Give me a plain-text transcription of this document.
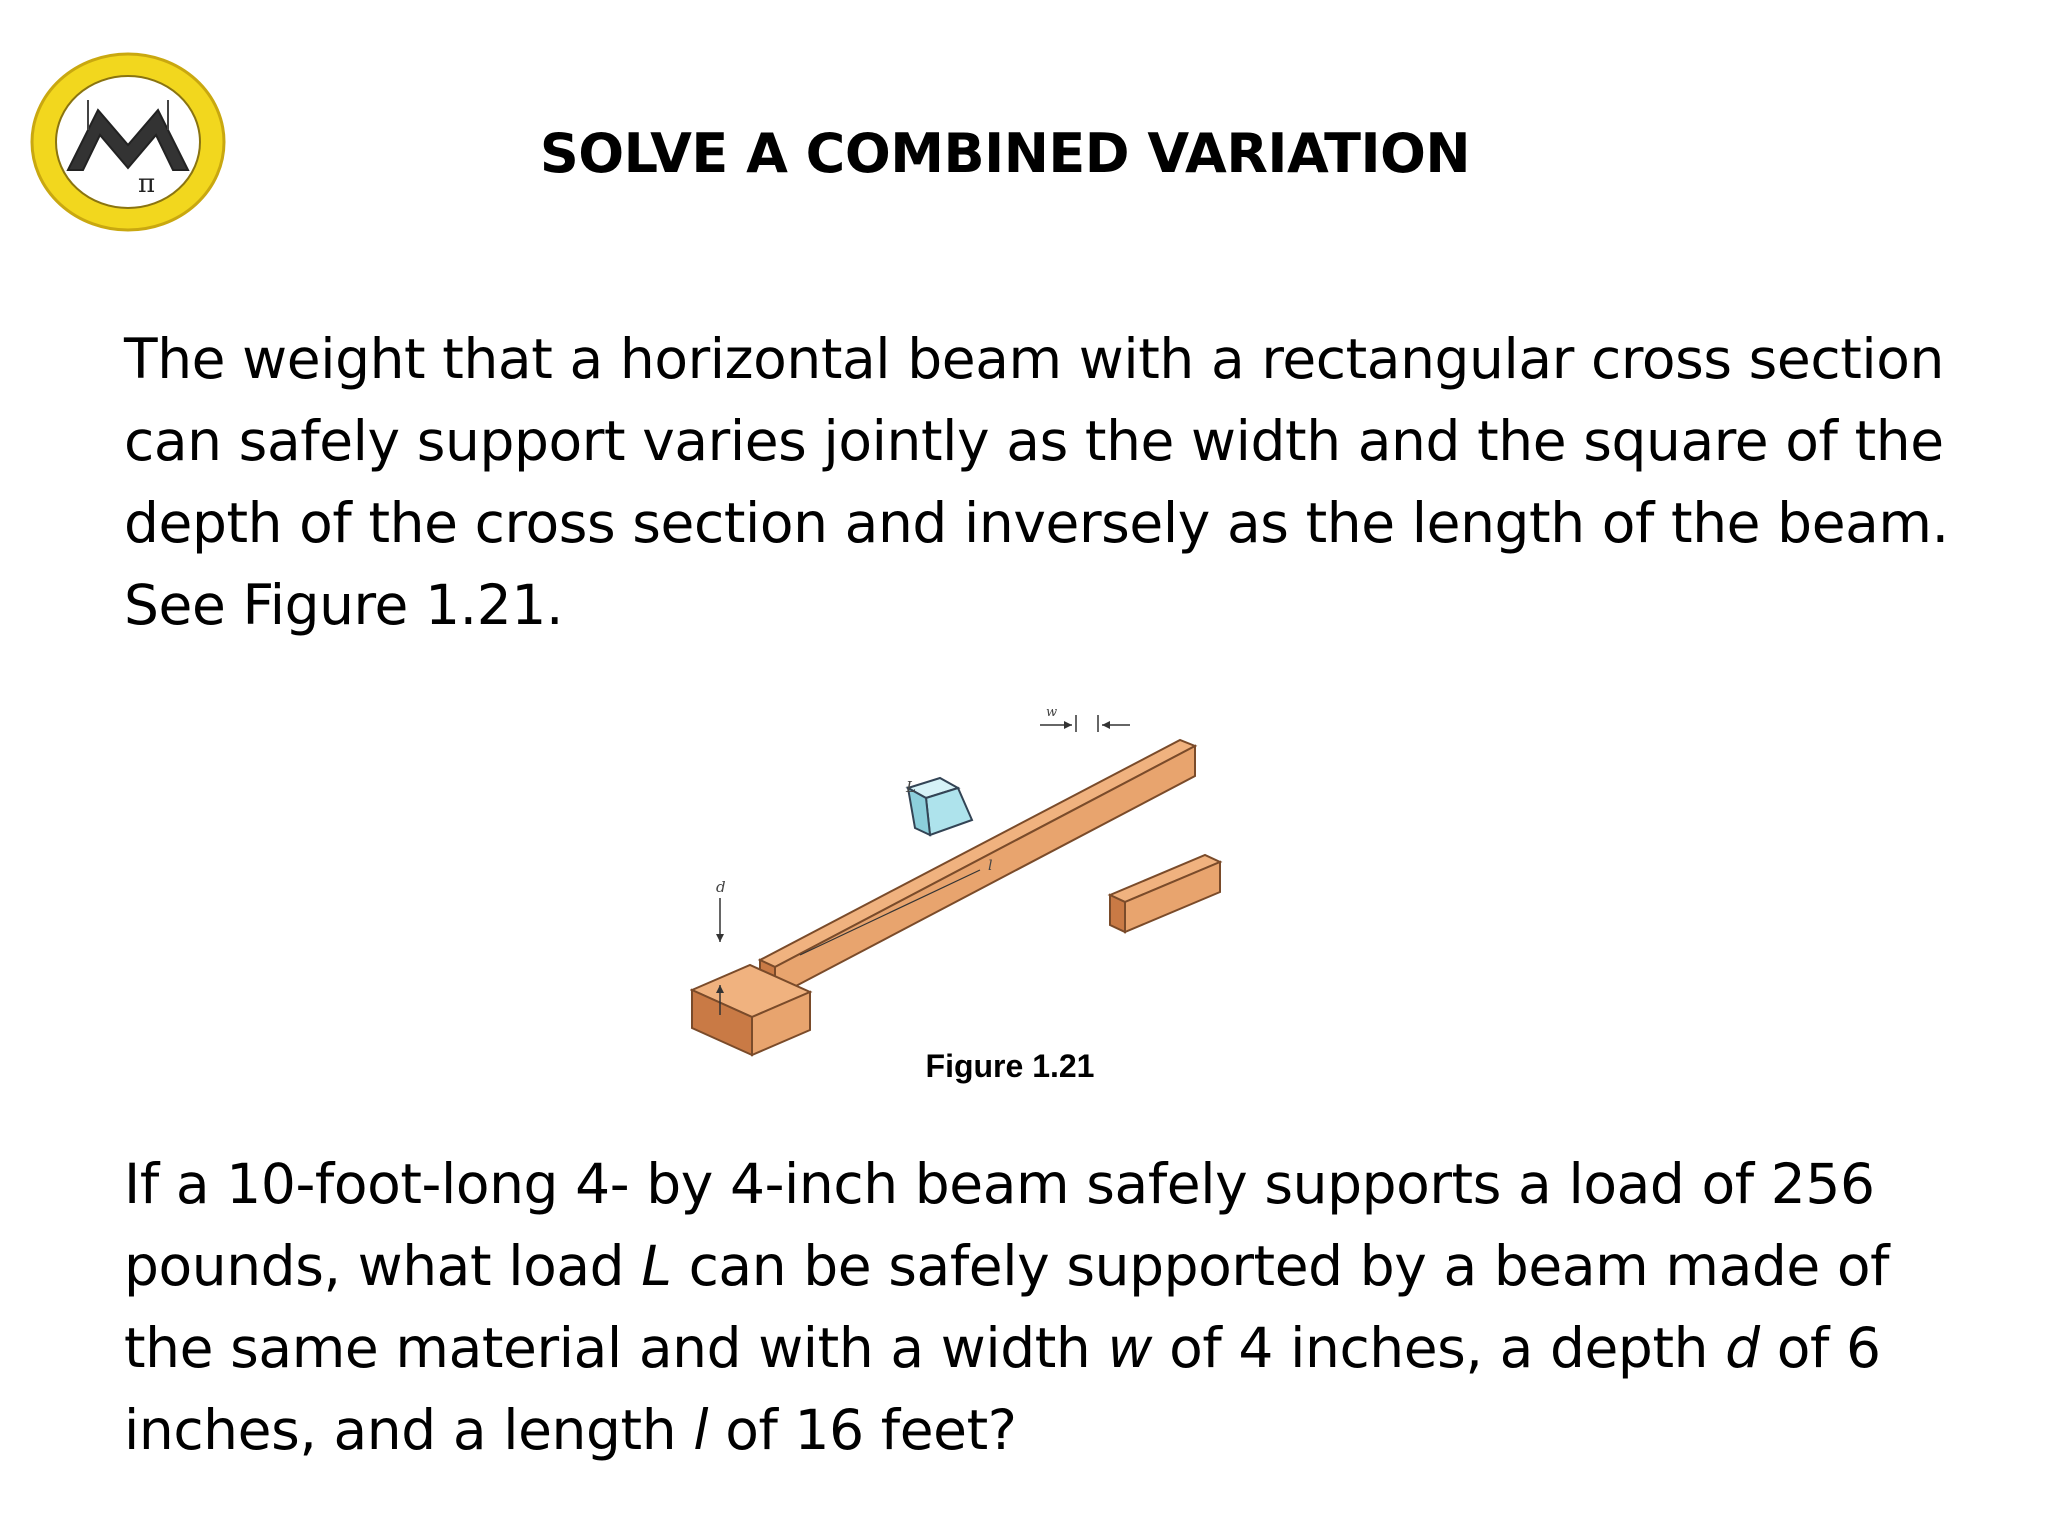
π	SOLVE A COMBINED VARIATION

The weight that a horizontal beam with a rectangular cross section can safely support varies jointly as the width and the square of the depth of the cross section and inversely as the length of the beam. See Figure 1.21.

w
L
d
l
Figure 1.21

If a 10-foot-long 4- by 4-inch beam safely supports a load of 256 pounds, what load L can be safely supported by a beam made of the same material and with a width w of 4 inches, a depth d of 6 inches, and a length l of 16 feet?
